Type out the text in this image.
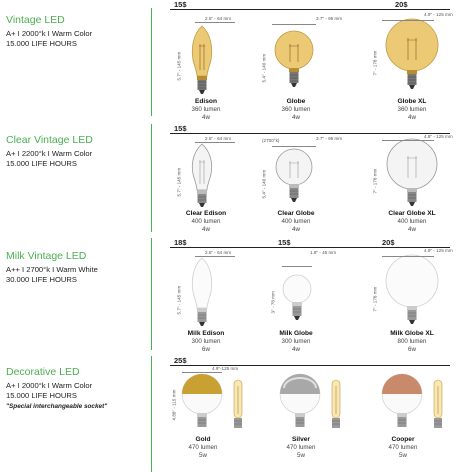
Vintage LED
A+ I 2000°k I Warm Color
15.000 LIFE HOURS
15$	20$
2.5" - 64 mm
5.7" - 145 mm
Edison
360 lumen
4w
3.7" - 95 mm
5.4" - 140 mm
Globe
360 lumen
4w
4.9" - 125 mm
7" - 178 mm
Globe XL
360 lumen
4w
Clear Vintage LED
A+ I 2200°k I Warm Color
15.000 LIFE HOURS
15$
2.5" - 64 mm
5.7" - 145 mm
Clear Edison
400 lumen
4w
(2700°k)	3.7" - 95 mm
5.4" - 140 mm
Clear Globe
400 lumen
4w
4.9" - 125 mm
7" - 178 mm
Clear Globe XL
400 lumen
4w
Milk Vintage LED
A++ I 2700°k I Warm White
30.000 LIFE HOURS
18$	15$	20$
2.5" - 64 mm
5.7" - 145 mm
Milk Edison
300 lumen
6w
1.8" - 45 mm
3" - 78 mm
Milk Globe
300 lumen
4w
4.9" - 125 mm
7" - 178 mm
Milk Globe XL
800 lumen
6w
Decorative LED
A+ I 2000°k I Warm Color
15.000 LIFE HOURS
"Special interchangeable socket"
25$
4.9"-125 mm
4.88" - 115 mm
Gold
470 lumen
5w
Silver
470 lumen
5w
Cooper
470 lumen
5w
